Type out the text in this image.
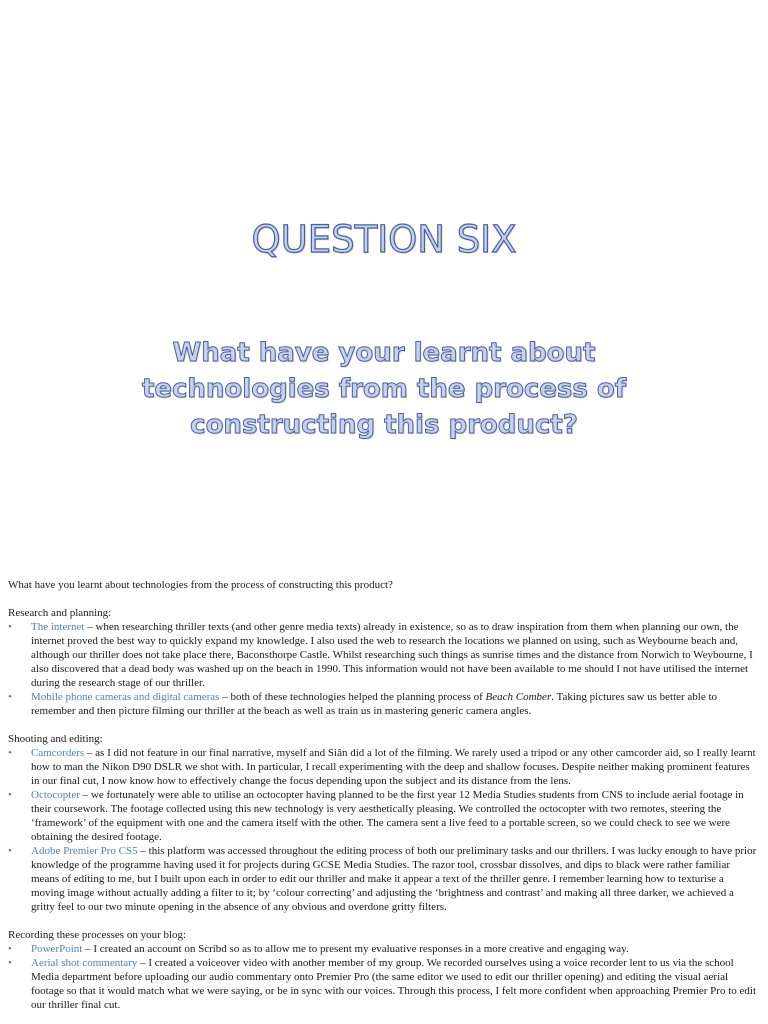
QUESTION SIX
What have your learnt about technologies from the process of constructing this product?

What have you learnt about technologies from the process of constructing this product?

Research and planning:

• The internet – when researching thriller texts (and other genre media texts) already in existence, so as to draw inspiration from them when planning our own, the internet proved the best way to quickly expand my knowledge. I also used the web to research the locations we planned on using, such as Weybourne beach and, although our thriller does not take place there, Baconsthorpe Castle. Whilst researching such things as sunrise times and the distance from Norwich to Weybourne, I also discovered that a dead body was washed up on the beach in 1990. This information would not have been available to me should I not have utilised the internet during the research stage of our thriller.
• Mobile phone cameras and digital cameras – both of these technologies helped the planning process of Beach Comber. Taking pictures saw us better able to remember and then picture filming our thriller at the beach as well as train us in mastering generic camera angles.

Shooting and editing:

• Camcorders – as I did not feature in our final narrative, myself and Siân did a lot of the filming. We rarely used a tripod or any other camcorder aid, so I really learnt how to man the Nikon D90 DSLR we shot with. In particular, I recall experimenting with the deep and shallow focuses. Despite neither making prominent features in our final cut, I now know how to effectively change the focus depending upon the subject and its distance from the lens.
• Octocopter – we fortunately were able to utilise an octocopter having planned to be the first year 12 Media Studies students from CNS to include aerial footage in their coursework. The footage collected using this new technology is very aesthetically pleasing. We controlled the octocopter with two remotes, steering the ‘framework’ of the equipment with one and the camera itself with the other. The camera sent a live feed to a portable screen, so we could check to see we were obtaining the desired footage.
• Adobe Premier Pro CS5 – this platform was accessed throughout the editing process of both our preliminary tasks and our thrillers. I was lucky enough to have prior knowledge of the programme having used it for projects during GCSE Media Studies. The razor tool, crossbar dissolves, and dips to black were rather familiar means of editing to me, but I built upon each in order to edit our thriller and make it appear a text of the thriller genre. I remember learning how to texturise a moving image without actually adding a filter to it; by ‘colour correcting’ and adjusting the ‘brightness and contrast’ and making all three darker, we achieved a gritty feel to our two minute opening in the absence of any obvious and overdone gritty filters.

Recording these processes on your blog:

• PowerPoint – I created an account on Scribd so as to allow me to present my evaluative responses in a more creative and engaging way.
• Aerial shot commentary – I created a voiceover video with another member of my group. We recorded ourselves using a voice recorder lent to us via the school Media department before uploading our audio commentary onto Premier Pro (the same editor we used to edit our thriller opening) and editing the visual aerial footage so that it would match what we were saying, or be in sync with our voices. Through this process, I felt more confident when approaching Premier Pro to edit our thriller final cut.
